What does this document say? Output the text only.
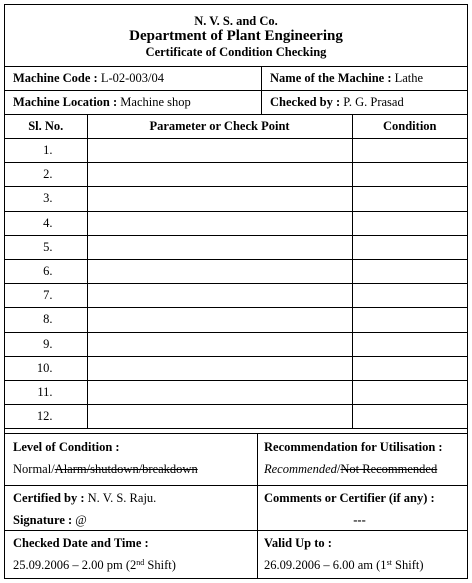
N. V. S. and Co.
Department of Plant Engineering
Certificate of Condition Checking
Machine Code : L-02-003/04	Name of the Machine : Lathe
Machine Location : Machine shop	Checked by : P. G. Prasad
Sl. No.	Parameter or Check Point	Condition
1.		
2.		
3.		
4.		
5.		
6.		
7.		
8.		
9.		
10.		
11.		
12.		
Level of Condition :
Normal/Alarm/shutdown/breakdown
Recommendation for Utilisation :
Recommended/Not Recommended
Certified by : N. V. S. Raju.
Signature : @
Comments or Certifier (if any) :
---
Checked Date and Time :
25.09.2006 – 2.00 pm (2nd Shift)
Valid Up to :
26.09.2006 – 6.00 am (1st Shift)
